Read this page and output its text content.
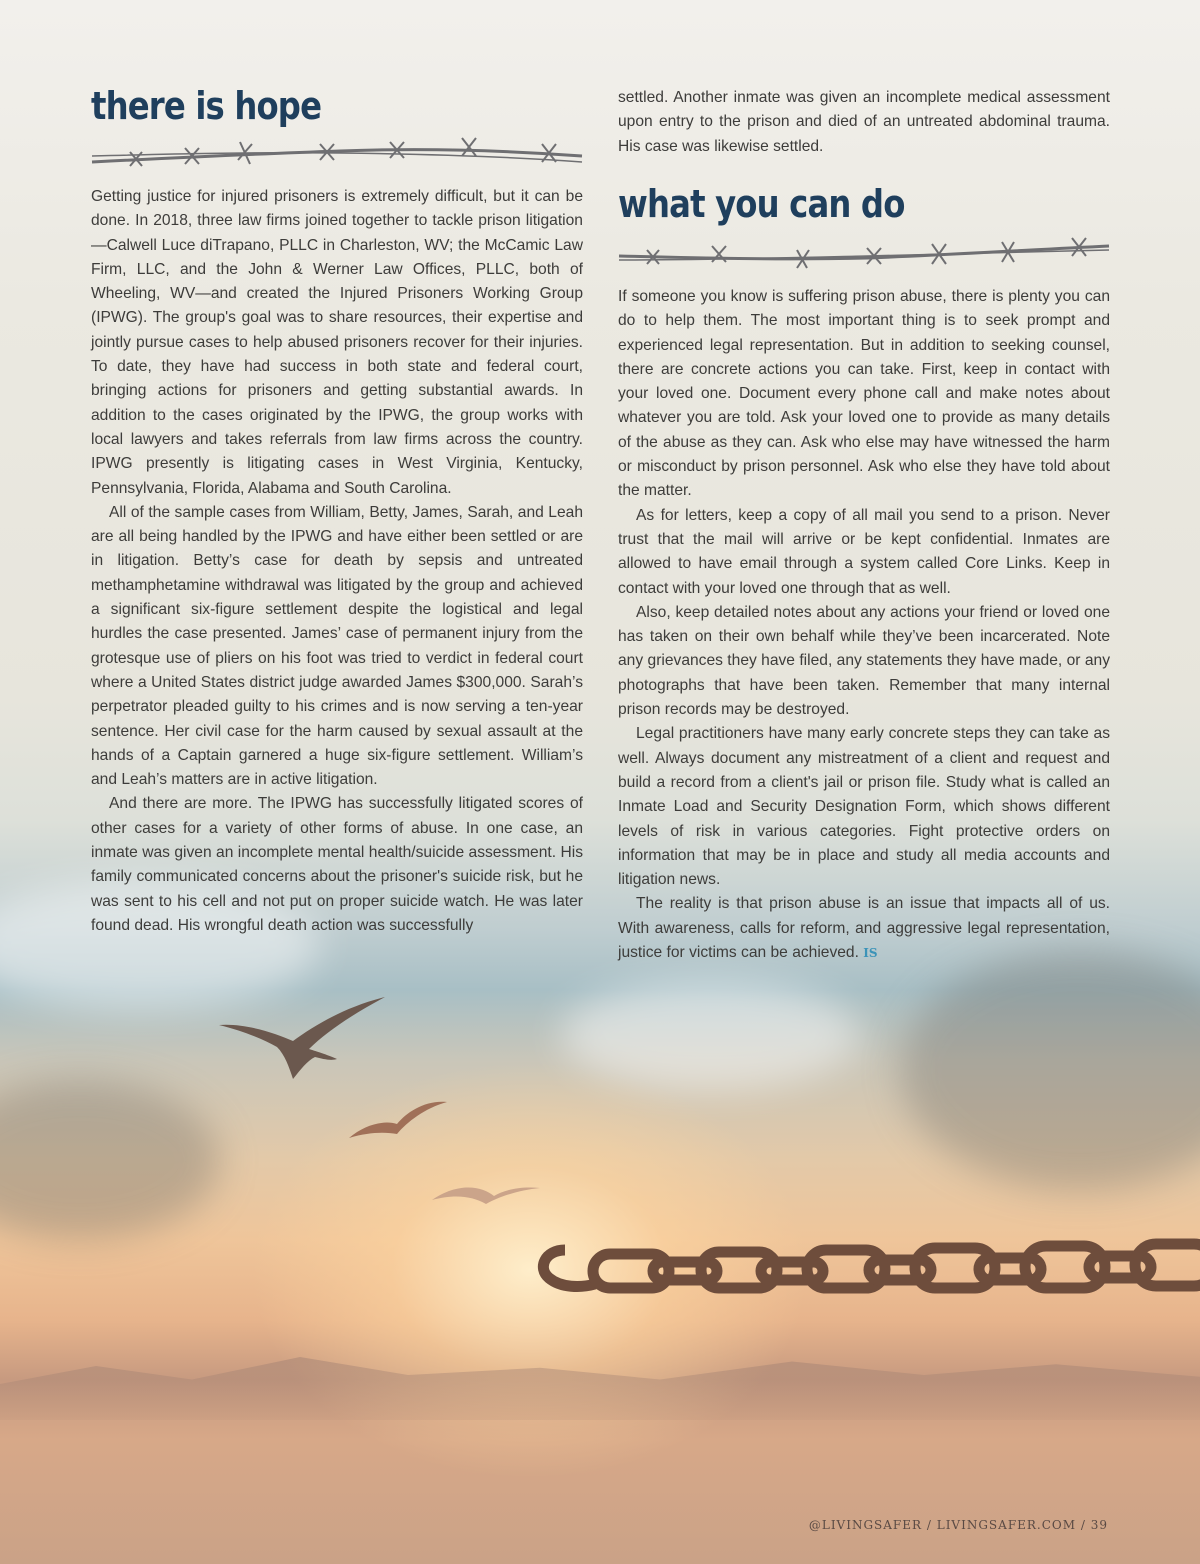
there is hope

Getting justice for injured prisoners is extremely difficult, but it can be done. In 2018, three law firms joined together to tackle prison litigation—Calwell Luce diTrapano, PLLC in Charleston, WV; the McCamic Law Firm, LLC, and the John & Werner Law Offices, PLLC, both of Wheeling, WV—and created the Injured Prisoners Working Group (IPWG). The group's goal was to share resources, their expertise and jointly pursue cases to help abused prisoners recover for their injuries. To date, they have had success in both state and federal court, bringing actions for prisoners and getting substantial awards. In addition to the cases originated by the IPWG, the group works with local lawyers and takes referrals from law firms across the country. IPWG presently is litigating cases in West Virginia, Kentucky, Pennsylvania, Florida, Alabama and South Carolina.

All of the sample cases from William, Betty, James, Sarah, and Leah are all being handled by the IPWG and have either been settled or are in litigation. Betty’s case for death by sepsis and untreated methamphetamine withdrawal was litigated by the group and achieved a significant six-figure settlement despite the logistical and legal hurdles the case presented. James’ case of permanent injury from the grotesque use of pliers on his foot was tried to verdict in federal court where a United States district judge awarded James $300,000. Sarah’s perpetrator pleaded guilty to his crimes and is now serving a ten-year sentence. Her civil case for the harm caused by sexual assault at the hands of a Captain garnered a huge six-figure settlement. William’s and Leah’s matters are in active litigation.

And there are more. The IPWG has successfully litigated scores of other cases for a variety of other forms of abuse. In one case, an inmate was given an incomplete mental health/suicide assessment. His family communicated concerns about the prisoner's suicide risk, but he was sent to his cell and not put on proper suicide watch. He was later found dead. His wrongful death action was successfully

settled. Another inmate was given an incomplete medical assessment upon entry to the prison and died of an untreated abdominal trauma. His case was likewise settled.

what you can do

If someone you know is suffering prison abuse, there is plenty you can do to help them. The most important thing is to seek prompt and experienced legal representation. But in addition to seeking counsel, there are concrete actions you can take. First, keep in contact with your loved one. Document every phone call and make notes about whatever you are told. Ask your loved one to provide as many details of the abuse as they can. Ask who else may have witnessed the harm or misconduct by prison personnel. Ask who else they have told about the matter.

As for letters, keep a copy of all mail you send to a prison. Never trust that the mail will arrive or be kept confidential. Inmates are allowed to have email through a system called Core Links. Keep in contact with your loved one through that as well.

Also, keep detailed notes about any actions your friend or loved one has taken on their own behalf while they’ve been incarcerated. Note any grievances they have filed, any statements they have made, or any photographs that have been taken. Remember that many internal prison records may be destroyed.

Legal practitioners have many early concrete steps they can take as well. Always document any mistreatment of a client and request and build a record from a client's jail or prison file. Study what is called an Inmate Load and Security Designation Form, which shows different levels of risk in various categories. Fight protective orders on information that may be in place and study all media accounts and litigation news.

The reality is that prison abuse is an issue that impacts all of us. With awareness, calls for reform, and aggressive legal representation, justice for victims can be achieved. IS

@LIVINGSAFER / LIVINGSAFER.COM / 39
